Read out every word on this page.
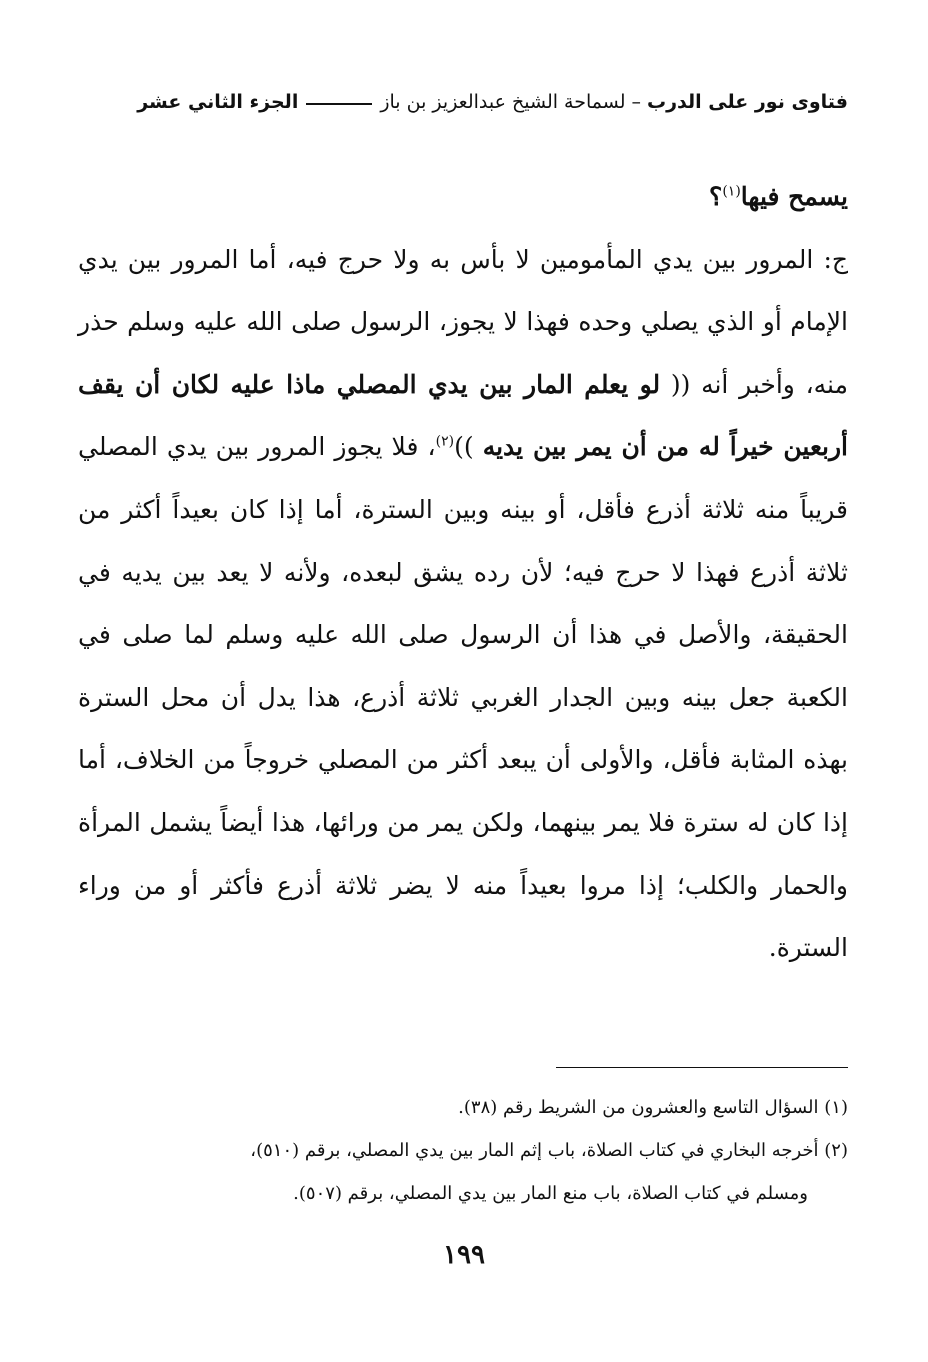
فتاوى نور على الدرب
–
لسماحة الشيخ عبدالعزيز بن باز
الجزء الثاني عشر

يسمح فيها$^{(١)}$؟

ج: المرور بين يدي المأمومين لا بأس به ولا حرج فيه، أما المرور بين يدي الإمام أو الذي يصلي وحده فهذا لا يجوز، الرسول صلى الله عليه وسلم حذر منه، وأخبر أنه (( لو يعلم المار بين يدي المصلي ماذا عليه لكان أن يقف أربعين خيراً له من أن يمر بين يديه ))$^{(٢)}$، فلا يجوز المرور بين يدي المصلي قريباً منه ثلاثة أذرع فأقل، أو بينه وبين السترة، أما إذا كان بعيداً أكثر من ثلاثة أذرع فهذا لا حرج فيه؛ لأن رده يشق لبعده، ولأنه لا يعد بين يديه في الحقيقة، والأصل في هذا أن الرسول صلى الله عليه وسلم لما صلى في الكعبة جعل بينه وبين الجدار الغربي ثلاثة أذرع، هذا يدل أن محل السترة بهذه المثابة فأقل، والأولى أن يبعد أكثر من المصلي خروجاً من الخلاف، أما إذا كان له سترة فلا يمر بينهما، ولكن يمر من ورائها، هذا أيضاً يشمل المرأة والحمار والكلب؛ إذا مروا بعيداً منه لا يضر ثلاثة أذرع فأكثر أو من وراء السترة.

(١) السؤال التاسع والعشرون من الشريط رقم (٣٨).

(٢) أخرجه البخاري في كتاب الصلاة، باب إثم المار بين يدي المصلي، برقم (٥١٠)،

ومسلم في كتاب الصلاة، باب منع المار بين يدي المصلي، برقم (٥٠٧).

١٩٩
